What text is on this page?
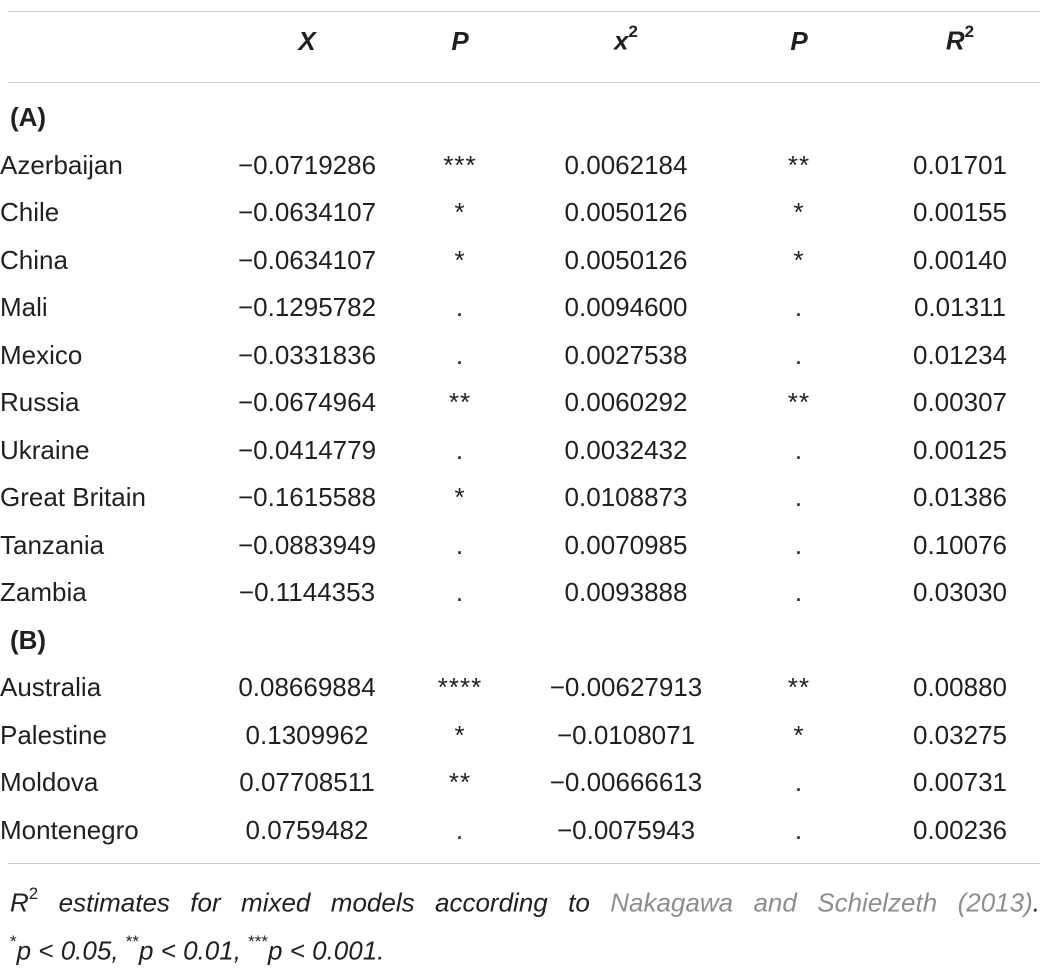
	X	P	$x^2$	P	$R^2$

(A)					
Azerbaijan	−0.0719286	***	0.0062184	**	0.01701
Chile	−0.0634107	*	0.0050126	*	0.00155
China	−0.0634107	*	0.0050126	*	0.00140
Mali	−0.1295782	.	0.0094600	.	0.01311
Mexico	−0.0331836	.	0.0027538	.	0.01234
Russia	−0.0674964	**	0.0060292	**	0.00307
Ukraine	−0.0414779	.	0.0032432	.	0.00125
Great Britain	−0.1615588	*	0.0108873	.	0.01386
Tanzania	−0.0883949	.	0.0070985	.	0.10076
Zambia	−0.1144353	.	0.0093888	.	0.03030
(B)					
Australia	0.08669884	****	−0.00627913	**	0.00880
Palestine	0.1309962	*	−0.0108071	*	0.03275
Moldova	0.07708511	**	−0.00666613	.	0.00731
Montenegro	0.0759482	.	−0.0075943	.	0.00236
$R^2$ estimates for mixed models according to Nakagawa and Schielzeth (2013).
*p < 0.05, **p < 0.01, ***p < 0.001.
